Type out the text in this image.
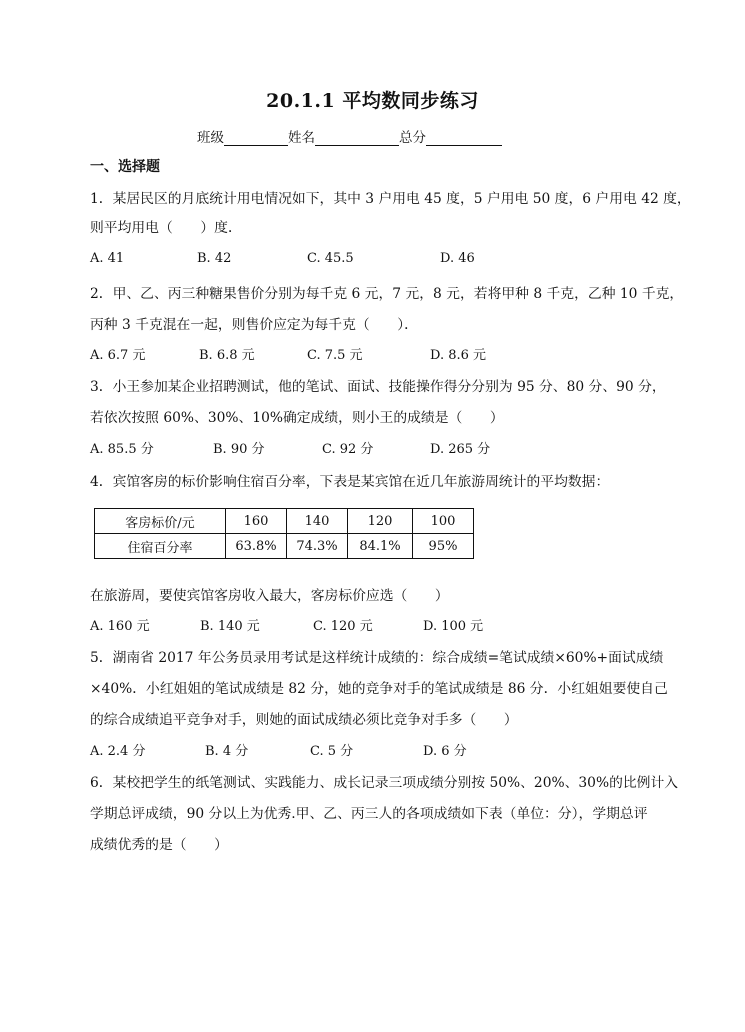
20.1.1 平均数同步练习
班级	姓名	总分
一、选择题
1．某居民区的月底统计用电情况如下，其中 3 户用电 45 度，5 户用电 50 度，6 户用电 42 度，
则平均用电（　　）度．
A. 41	B. 42	C. 45.5	D. 46
2．甲、乙、丙三种糖果售价分别为每千克 6 元，7 元，8 元，若将甲种 8 千克，乙种 10 千克，
丙种 3 千克混在一起，则售价应定为每千克（　　）．
A. 6.7 元	B. 6.8 元	C. 7.5 元	D. 8.6 元
3．小王参加某企业招聘测试，他的笔试、面试、技能操作得分分别为 95 分、80 分、90 分，
若依次按照 60%、30%、10%确定成绩，则小王的成绩是（　　）
A. 85.5 分	B. 90 分	C. 92 分	D. 265 分
4．宾馆客房的标价影响住宿百分率，下表是某宾馆在近几年旅游周统计的平均数据：
客房标价/元	160	140	120	100
住宿百分率	63.8%	74.3%	84.1%	95%
在旅游周，要使宾馆客房收入最大，客房标价应选（　　）
A. 160 元	B. 140 元	C. 120 元	D. 100 元
5．湖南省 2017 年公务员录用考试是这样统计成绩的：综合成绩=笔试成绩×60%+面试成绩
×40%．小红姐姐的笔试成绩是 82 分，她的竞争对手的笔试成绩是 86 分．小红姐姐要使自己
的综合成绩追平竞争对手，则她的面试成绩必须比竞争对手多（　　）
A. 2.4 分	B. 4 分	C. 5 分	D. 6 分
6．某校把学生的纸笔测试、实践能力、成长记录三项成绩分别按 50%、20%、30%的比例计入
学期总评成绩，90 分以上为优秀.甲、乙、丙三人的各项成绩如下表（单位：分），学期总评
成绩优秀的是（　　）
